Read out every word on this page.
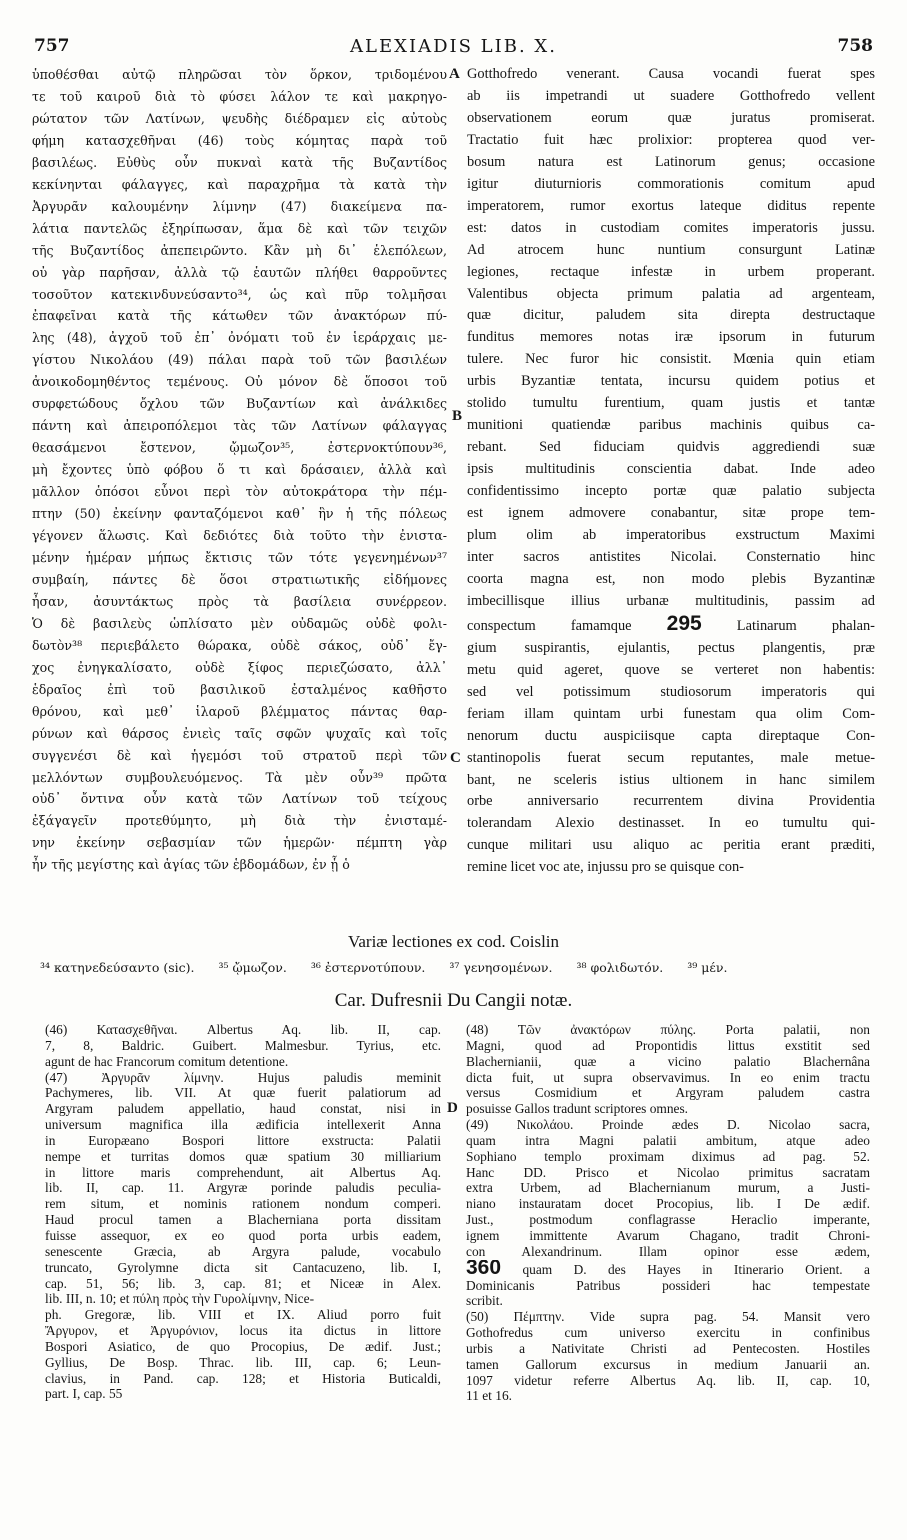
757	ALEXIADIS LIB. X.	758
ὑποθέσθαι αὐτῷ πληρῶσαι τὸν ὅρκον, τριδομένου
τε τοῦ καιροῦ διὰ τὸ φύσει λάλον τε καὶ μακρηγο-
ρώτατον τῶν Λατίνων, ψευδὴς διέδραμεν εἰς αὐτοὺς
φήμη κατασχεθῆναι (46) τοὺς κόμητας παρὰ τοῦ
βασιλέως. Εὐθὺς οὖν πυκναὶ κατὰ τῆς Βυζαντίδος
κεκίνηνται φάλαγγες, καὶ παραχρῆμα τὰ κατὰ τὴν
Ἀργυρᾶν καλουμένην λίμνην (47) διακείμενα πα-
λάτια παντελῶς ἐξηρίπωσαν, ἅμα δὲ καὶ τῶν τειχῶν
τῆς Βυζαντίδος ἀπεπειρῶντο. Κἂν μὴ δι᾽ ἑλεπόλεων,
οὐ γὰρ παρῆσαν, ἀλλὰ τῷ ἑαυτῶν πλήθει θαρροῦντες
τοσοῦτον κατεκινδυνεύσαντο³⁴, ὡς καὶ πῦρ τολμῆσαι
ἐπαφεῖναι κατὰ τῆς κάτωθεν τῶν ἀνακτόρων πύ-
λης (48), ἀγχοῦ τοῦ ἐπ᾽ ὀνόματι τοῦ ἐν ἱεράρχαις με-
γίστου Νικολάου (49) πάλαι παρὰ τοῦ τῶν βασιλέων
ἀνοικοδομηθέντος τεμένους. Οὐ μόνον δὲ ὅποσοι τοῦ
συρφετώδους ὄχλου τῶν Βυζαντίων καὶ ἀνάλκιδες
πάντη καὶ ἀπειροπόλεμοι τὰς τῶν Λατίνων φάλαγγας
θεασάμενοι ἔστενον, ᾤμωζον³⁵, ἐστερνοκτύπουν³⁶,
μὴ ἔχοντες ὑπὸ φόβου ὅ τι καὶ δράσαιεν, ἀλλὰ καὶ
μᾶλλον ὁπόσοι εὖνοι περὶ τὸν αὐτοκράτορα τὴν πέμ-
πτην (50) ἐκείνην φανταζόμενοι καθ᾽ ἣν ἡ τῆς πόλεως
γέγονεν ἅλωσις. Καὶ δεδιότες διὰ τοῦτο τὴν ἐνιστα-
μένην ἡμέραν μήπως ἔκτισις τῶν τότε γεγενημένων³⁷
συμβαίη, πάντες δὲ ὅσοι στρατιωτικῆς εἰδήμονες
ἦσαν, ἀσυντάκτως πρὸς τὰ βασίλεια συνέρρεον.
Ὁ δὲ βασιλεὺς ὡπλίσατο μὲν οὐδαμῶς οὐδὲ φολι-
δωτὸν³⁸ περιεβάλετο θώρακα, οὐδὲ σάκος, οὐδ᾽ ἔγ-
χος ἐνηγκαλίσατο, οὐδὲ ξίφος περιεζώσατο, ἀλλ᾽
ἑδραῖος ἐπὶ τοῦ βασιλικοῦ ἐσταλμένος καθῆστο
θρόνου, καὶ μεθ᾽ ἱλαροῦ βλέμματος πάντας θαρ-
ρύνων καὶ θάρσος ἐνιεὶς ταῖς σφῶν ψυχαῖς καὶ τοῖς
συγγενέσι δὲ καὶ ἡγεμόσι τοῦ στρατοῦ περὶ τῶν
μελλόντων συμβουλευόμενος. Τὰ μὲν οὖν³⁹ πρῶτα
οὐδ᾽ ὄντινα οὖν κατὰ τῶν Λατίνων τοῦ τείχους
ἐξάγαγεῖν προτεθύμητο, μὴ διὰ τὴν ἐνισταμέ-
νην ἐκείνην σεβασμίαν τῶν ἡμερῶν· πέμπτη γὰρ
ἦν τῆς μεγίστης καὶ ἁγίας τῶν ἑβδομάδων, ἐν ᾗ ὁ
Gotthofredo venerant. Causa vocandi fuerat spes
ab iis impetrandi ut suadere Gotthofredo vellent
observationem eorum quæ juratus promiserat.
Tractatio fuit hæc prolixior: propterea quod ver-
bosum natura est Latinorum genus; occasione
igitur diuturnioris commorationis comitum apud
imperatorem, rumor exortus lateque diditus repente
est: datos in custodiam comites imperatoris jussu.
Ad atrocem hunc nuntium consurgunt Latinæ
legiones, rectaque infestæ in urbem properant.
Valentibus objecta primum palatia ad argenteam,
quæ dicitur, paludem sita direpta destructaque
funditus memores notas iræ ipsorum in futurum
tulere. Nec furor hic consistit. Mœnia quin etiam
urbis Byzantiæ tentata, incursu quidem potius et
stolido tumultu furentium, quam justis et tantæ
munitioni quatiendæ paribus machinis quibus ca-
rebant. Sed fiduciam quidvis aggrediendi suæ
ipsis multitudinis conscientia dabat. Inde adeo
confidentissimo incepto portæ quæ palatio subjecta
est ignem admovere conabantur, sitæ prope tem-
plum olim ab imperatoribus exstructum Maximi
inter sacros antistites Nicolai. Consternatio hinc
coorta magna est, non modo plebis Byzantinæ
imbecillisque illius urbanæ multitudinis, passim ad
conspectum famamque 295 Latinarum phalan-
gium suspirantis, ejulantis, pectus plangentis, præ
metu quid ageret, quove se verteret non habentis:
sed vel potissimum studiosorum imperatoris qui
feriam illam quintam urbi funestam qua olim Com-
nenorum ductu auspiciisque capta direptaque Con-
stantinopolis fuerat secum reputantes, male metue-
bant, ne sceleris istius ultionem in hanc similem
orbe anniversario recurrentem divina Providentia
tolerandam Alexio destinasset. In eo tumultu qui-
cunque militari usu aliquo ac peritia erant præditi,
remine licet voc ate, injussu pro se quisque con-
A
B
C
D
Variæ lectiones ex cod. Coislin
³⁴ κατηνεδεύσαντο (sic). ³⁵ ᾤμωζον. ³⁶ ἐστερνοτύπουν. ³⁷ γενησομένων. ³⁸ φολιδωτόν. ³⁹ μέν.
Car. Dufresnii Du Cangii notæ.
(46) Κατασχεθῆναι. Albertus Aq. lib. II, cap.
7, 8, Baldric. Guibert. Malmesbur. Tyrius, etc.
agunt de hac Francorum comitum detentione.
(47) Ἀργυρᾶν λίμνην. Hujus paludis meminit
Pachymeres, lib. VII. At quæ fuerit palatiorum ad
Argyram paludem appellatio, haud constat, nisi in
universum magnifica illa ædificia intellexerit Anna
in Europæano Bospori littore exstructa: Palatii
nempe et turritas domos quæ spatium 30 milliarium
in littore maris comprehendunt, ait Albertus Aq.
lib. II, cap. 11. Argyræ porinde paludis peculia-
rem situm, et nominis rationem nondum comperi.
Haud procul tamen a Blacherniana porta dissitam
fuisse assequor, ex eo quod porta urbis eadem,
senescente Græcia, ab Argyra palude, vocabulo
truncato, Gyrolymne dicta sit Cantacuzeno, lib. I,
cap. 51, 56; lib. 3, cap. 81; et Niceæ in Alex.
lib. III, n. 10; et πύλη πρὸς τὴν Γυρολίμνην, Nice-
ph. Gregoræ, lib. VIII et IX. Aliud porro fuit
Ἄργυρον, et Ἀργυρόνιον, locus ita dictus in littore
Bospori Asiatico, de quo Procopius, De ædif. Just.;
Gyllius, De Bosp. Thrac. lib. III, cap. 6; Leun-
clavius, in Pand. cap. 128; et Historia Buticaldi,
part. I, cap. 55
(48) Τῶν ἀνακτόρων πύλης. Porta palatii, non
Magni, quod ad Propontidis littus exstitit sed
Blachernianii, quæ a vicino palatio Blachernâna
dicta fuit, ut supra observavimus. In eo enim tractu
versus Cosmidium et Argyram paludem castra
posuisse Gallos tradunt scriptores omnes.
(49) Νικολάου. Proinde ædes D. Nicolao sacra,
quam intra Magni palatii ambitum, atque adeo
Sophiano templo proximam diximus ad pag. 52.
Hanc DD. Prisco et Nicolao primitus sacratam
extra Urbem, ad Blachernianum murum, a Justi-
niano instauratam docet Procopius, lib. I De ædif.
Just., postmodum conflagrasse Heraclio imperante,
ignem immittente Avarum Chagano, tradit Chroni-
con Alexandrinum. Illam opinor esse ædem,
360 quam D. des Hayes in Itinerario Orient. a
Dominicanis Patribus possideri hac tempestate
scribit.
(50) Πέμπτην. Vide supra pag. 54. Mansit vero
Gothofredus cum universo exercitu in confinibus
urbis a Nativitate Christi ad Pentecosten. Hostiles
tamen Gallorum excursus in medium Januarii an.
1097 videtur referre Albertus Aq. lib. II, cap. 10,
11 et 16.
